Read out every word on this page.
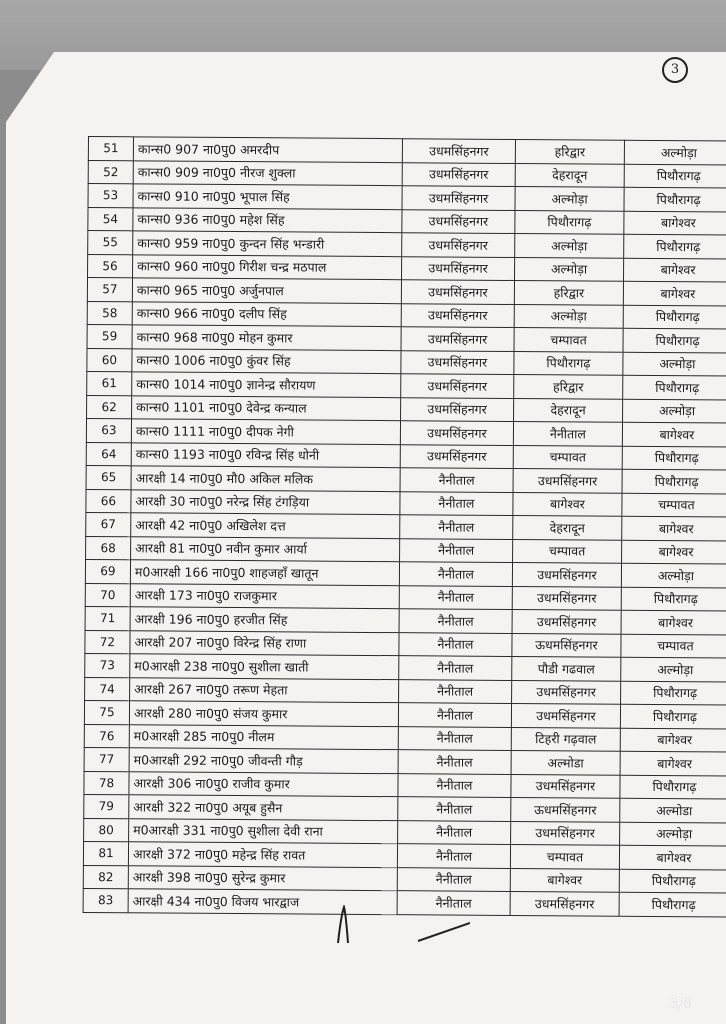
3
51	कान्स0 907 ना0पु0 अमरदीप	उधमसिंहनगर	हरिद्वार	अल्मोड़ा
52	कान्स0 909 ना0पु0 नीरज शुक्ला	उधमसिंहनगर	देहरादून	पिथौरागढ़
53	कान्स0 910 ना0पु0 भूपाल सिंह	उधमसिंहनगर	अल्मोड़ा	पिथौरागढ़
54	कान्स0 936 ना0पु0 महेश सिंह	उधमसिंहनगर	पिथौरागढ़	बागेश्वर
55	कान्स0 959 ना0पु0 कुन्दन सिंह भन्डारी	उधमसिंहनगर	अल्मोड़ा	पिथौरागढ़
56	कान्स0 960 ना0पु0 गिरीश चन्द्र मठपाल	उधमसिंहनगर	अल्मोड़ा	बागेश्वर
57	कान्स0 965 ना0पु0 अर्जुनपाल	उधमसिंहनगर	हरिद्वार	बागेश्वर
58	कान्स0 966 ना0पु0 दलीप सिंह	उधमसिंहनगर	अल्मोड़ा	पिथौरागढ़
59	कान्स0 968 ना0पु0 मोहन कुमार	उधमसिंहनगर	चम्पावत	पिथौरागढ़
60	कान्स0 1006 ना0पु0 कुंवर सिंह	उधमसिंहनगर	पिथौरागढ़	अल्मोड़ा
61	कान्स0 1014 ना0पु0 ज्ञानेन्द्र सौरायण	उधमसिंहनगर	हरिद्वार	पिथौरागढ़
62	कान्स0 1101 ना0पु0 देवेन्द्र कन्याल	उधमसिंहनगर	देहरादून	अल्मोड़ा
63	कान्स0 1111 ना0पु0 दीपक नेगी	उधमसिंहनगर	नैनीताल	बागेश्वर
64	कान्स0 1193 ना0पु0 रविन्द्र सिंह धोनी	उधमसिंहनगर	चम्पावत	पिथौरागढ़
65	आरक्षी 14 ना0पु0 मौ0 अकिल मलिक	नैनीताल	उधमसिंहनगर	पिथौरागढ़
66	आरक्षी 30 ना0पु0 नरेन्द्र सिंह टंगड़िया	नैनीताल	बागेश्वर	चम्पावत
67	आरक्षी 42 ना0पु0 अखिलेश दत्त	नैनीताल	देहरादून	बागेश्वर
68	आरक्षी 81 ना0पु0 नवीन कुमार आर्या	नैनीताल	चम्पावत	बागेश्वर
69	म0आरक्षी 166 ना0पु0 शाहजहाँ खातून	नैनीताल	उधमसिंहनगर	अल्मोड़ा
70	आरक्षी 173 ना0पु0 राजकुमार	नैनीताल	उधमसिंहनगर	पिथौरागढ़
71	आरक्षी 196 ना0पु0 हरजीत सिंह	नैनीताल	उधमसिंहनगर	बागेश्वर
72	आरक्षी 207 ना0पु0 विरेन्द्र सिंह राणा	नैनीताल	ऊधमसिंहनगर	चम्पावत
73	म0आरक्षी 238 ना0पु0 सुशीला खाती	नैनीताल	पौडी गढवाल	अल्मोड़ा
74	आरक्षी 267 ना0पु0 तरूण मेहता	नैनीताल	उधमसिंहनगर	पिथौरागढ़
75	आरक्षी 280 ना0पु0 संजय कुमार	नैनीताल	उधमसिंहनगर	पिथौरागढ़
76	म0आरक्षी 285 ना0पु0 नीलम	नैनीताल	टिहरी गढ़वाल	बागेश्वर
77	म0आरक्षी 292 ना0पु0 जीवन्ती गौड़	नैनीताल	अल्मोडा	बागेश्वर
78	आरक्षी 306 ना0पु0 राजीव कुमार	नैनीताल	उधमसिंहनगर	पिथौरागढ़
79	आरक्षी 322 ना0पु0 अयूब हुसैन	नैनीताल	ऊधमसिंहनगर	अल्मोडा
80	म0आरक्षी 331 ना0पु0 सुशीला देवी राना	नैनीताल	उधमसिंहनगर	अल्मोड़ा
81	आरक्षी 372 ना0पु0 महेन्द्र सिंह रावत	नैनीताल	चम्पावत	बागेश्वर
82	आरक्षी 398 ना0पु0 सुरेन्द्र कुमार	नैनीताल	बागेश्वर	पिथौरागढ़
83	आरक्षी 434 ना0पु0 विजय भारद्वाज	नैनीताल	उधमसिंहनगर	पिथौरागढ़
3/8
